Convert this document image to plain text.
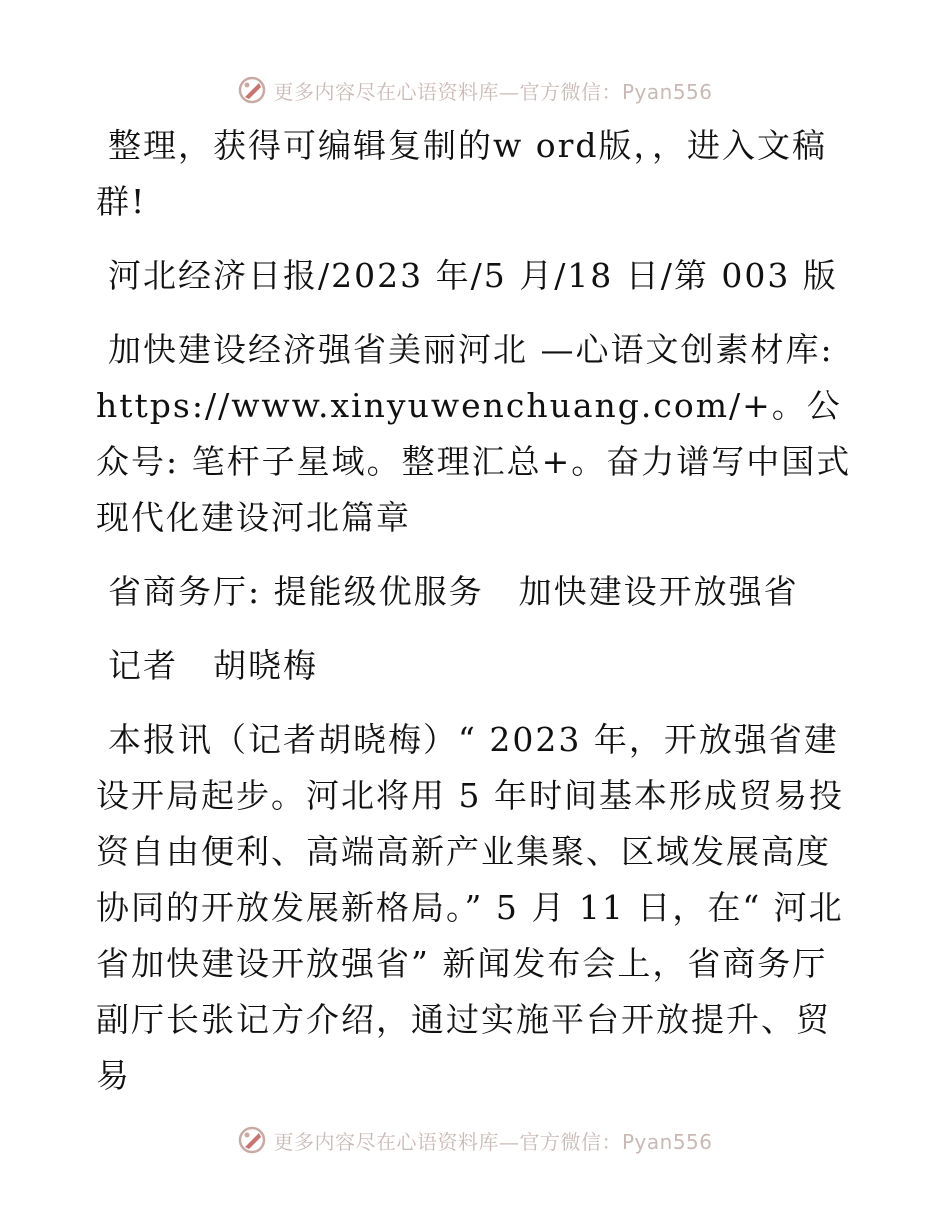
更多内容尽在心语资料库—官方微信：Pyan556

整理，获得可编辑复制的w ord版，，进入文稿群!

河北经济日报/2023 年/5 月/18 日/第 003 版

加快建设经济强省美丽河北 —心语文创素材库: https://www.xinyuwenchuang.com/+。公众号: 笔杆子星域。整理汇总+。奋力谱写中国式现代化建设河北篇章

省商务厅: 提能级优服务　加快建设开放强省

记者　胡晓梅

本报讯（记者胡晓梅）“ 2023 年，开放强省建设开局起步。河北将用 5 年时间基本形成贸易投资自由便利、高端高新产业集聚、区域发展高度协同的开放发展新格局。” 5 月 11 日，在“ 河北省加快建设开放强省” 新闻发布会上，省商务厅副厅长张记方介绍，通过实施平台开放提升、贸易

更多内容尽在心语资料库—官方微信：Pyan556
